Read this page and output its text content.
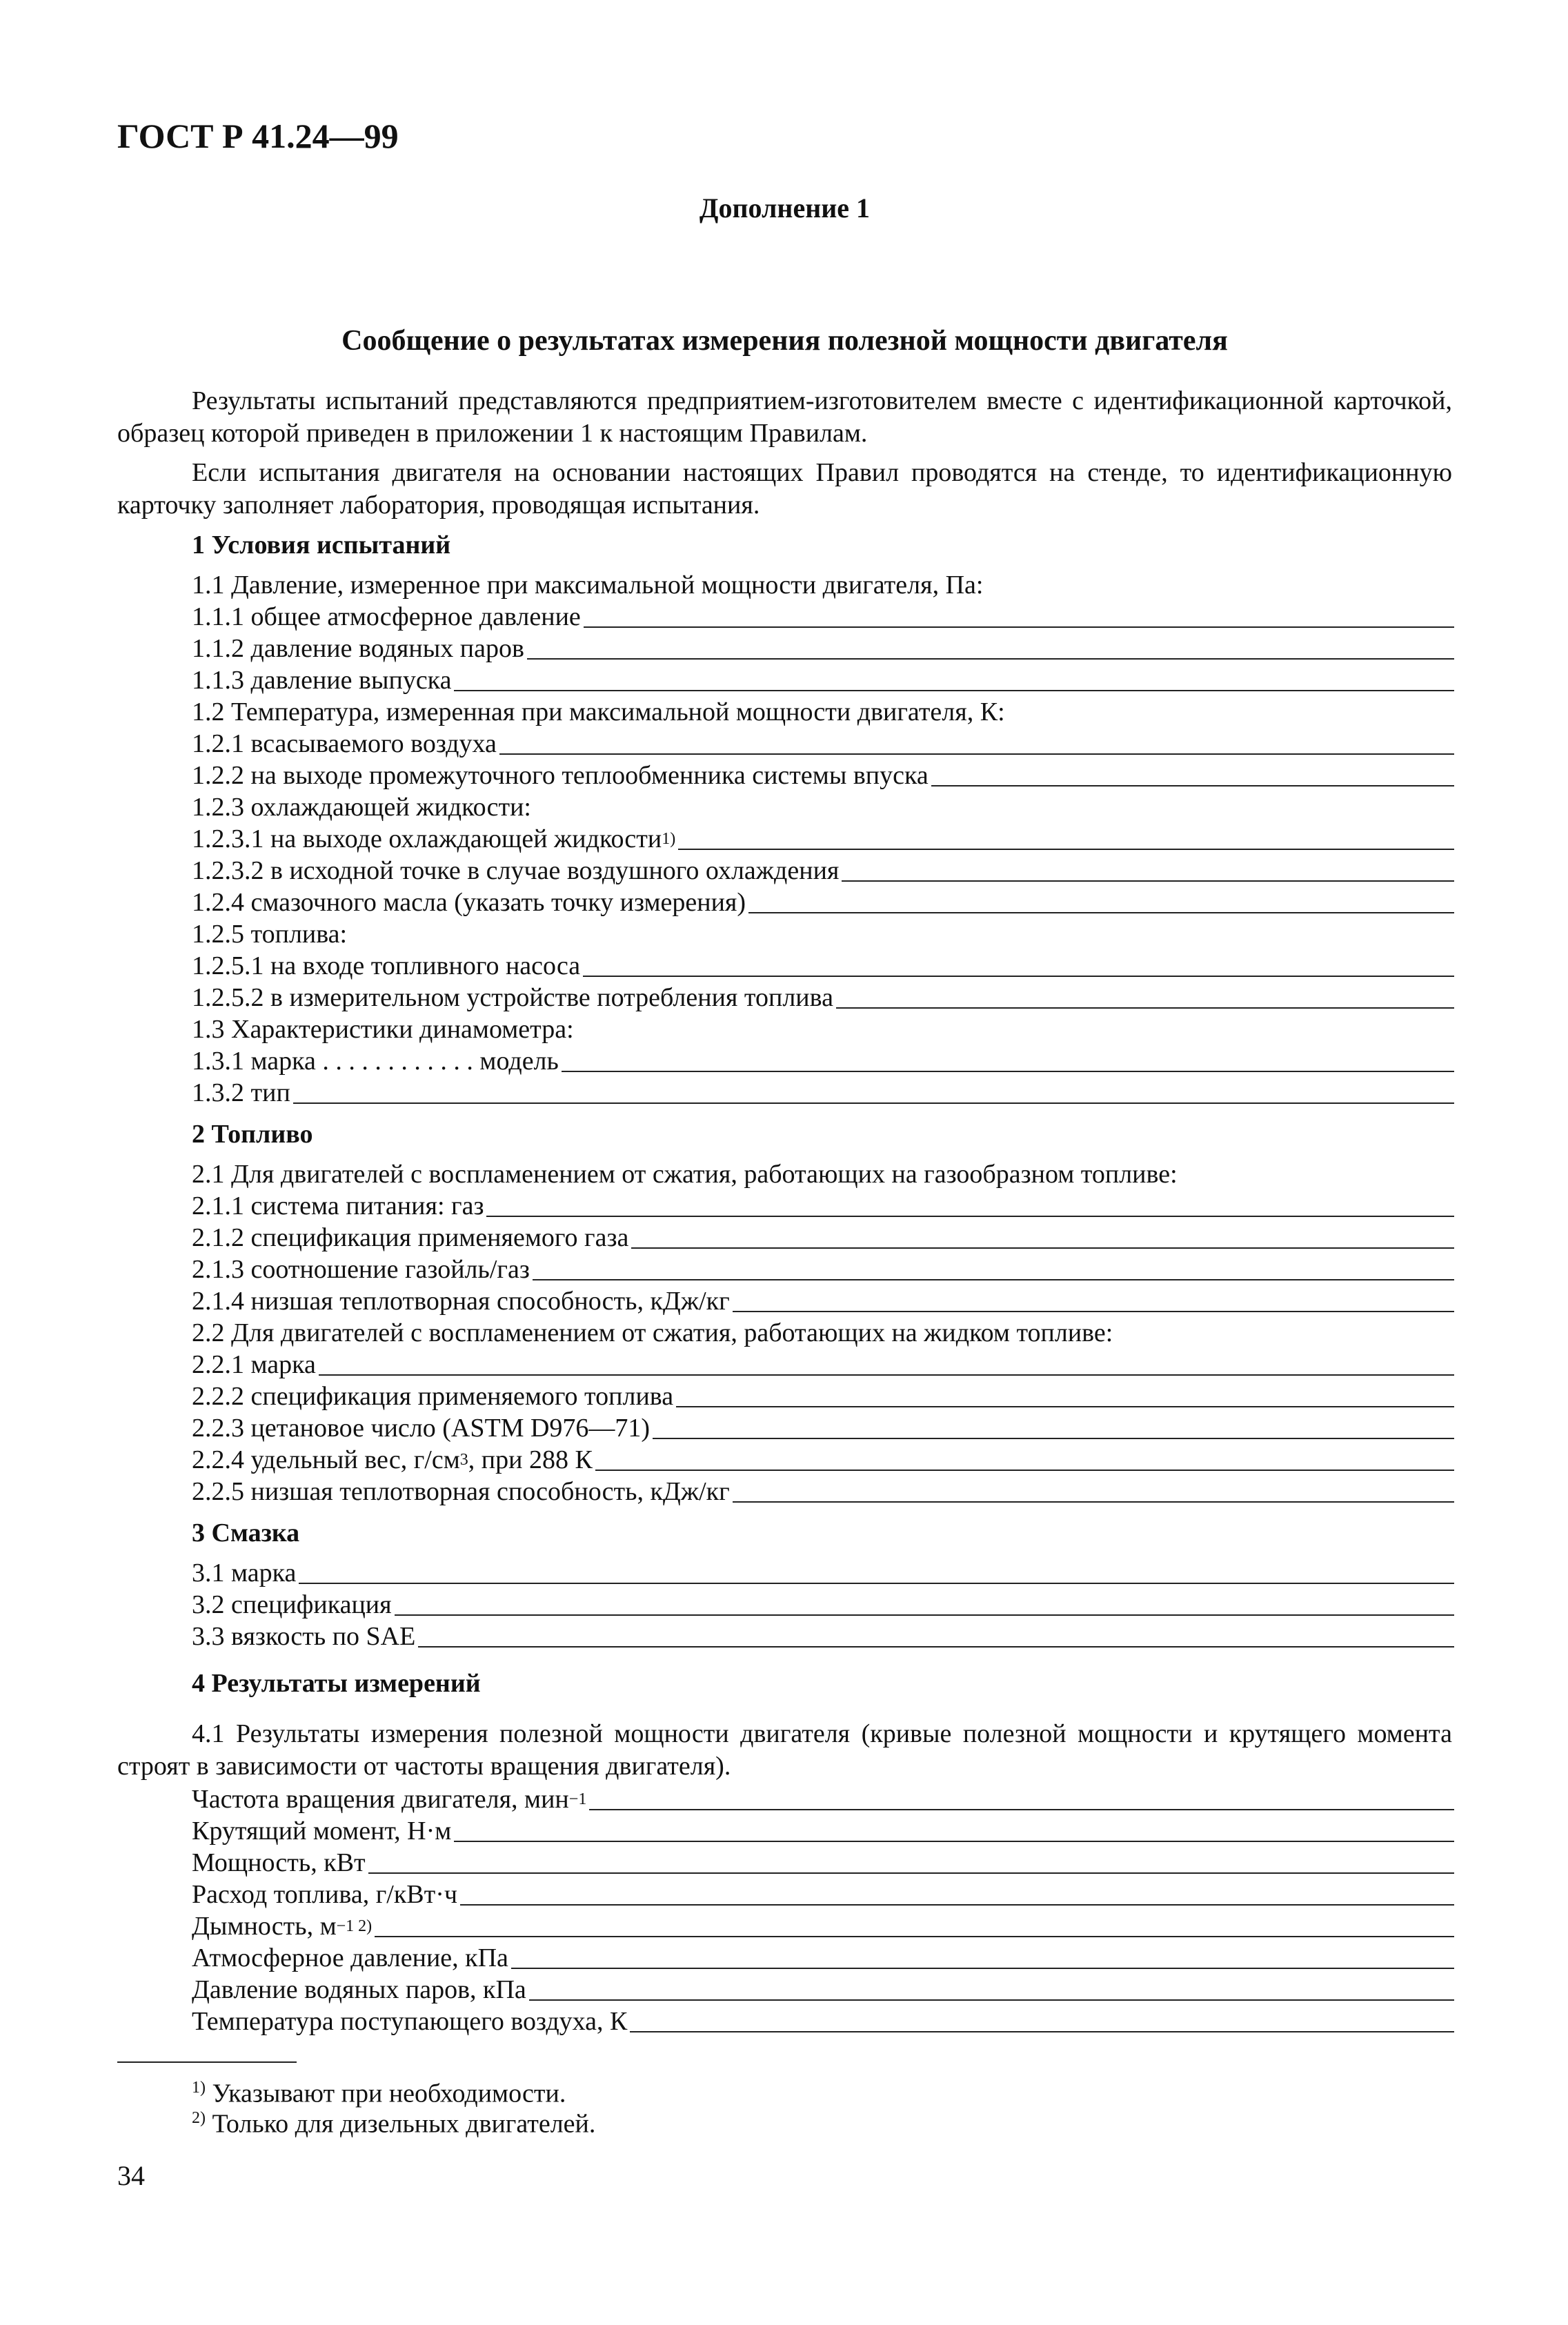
ГОСТ Р 41.24—99
Дополнение 1
Сообщение о результатах измерения полезной мощности двигателя
Результаты испытаний представляются предприятием-изготовителем вместе с идентификационной карточкой, образец которой приведен в приложении 1 к настоящим Правилам.
Если испытания двигателя на основании настоящих Правил проводятся на стенде, то идентификационную карточку заполняет лаборатория, проводящая испытания.
1 Условия испытаний
1.1 Давление, измеренное при максимальной мощности двигателя, Па:
1.1.1 общее атмосферное давление
1.1.2 давление водяных паров
1.1.3 давление выпуска
1.2 Температура, измеренная при максимальной мощности двигателя, К:
1.2.1 всасываемого воздуха
1.2.2 на выходе промежуточного теплообменника системы впуска
1.2.3 охлаждающей жидкости:
1.2.3.1 на выходе охлаждающей жидкости 1)
1.2.3.2 в исходной точке в случае воздушного охлаждения
1.2.4 смазочного масла (указать точку измерения)
1.2.5 топлива:
1.2.5.1 на входе топливного насоса
1.2.5.2 в измерительном устройстве потребления топлива
1.3 Характеристики динамометра:
1.3.1 марка . . . . . . . . . . . . модель
1.3.2 тип
2 Топливо
2.1 Для двигателей с воспламенением от сжатия, работающих на газообразном топливе:
2.1.1 система питания: газ
2.1.2 спецификация применяемого газа
2.1.3 соотношение газойль/газ
2.1.4 низшая теплотворная способность, кДж/кг
2.2 Для двигателей с воспламенением от сжатия, работающих на жидком топливе:
2.2.1 марка
2.2.2 спецификация применяемого топлива
2.2.3 цетановое число (ASTM D976—71)
2.2.4 удельный вес, г/см 3 , при 288 К
2.2.5 низшая теплотворная способность, кДж/кг
3 Смазка
3.1 марка
3.2 спецификация
3.3 вязкость по SAE
4 Результаты измерений
4.1 Результаты измерения полезной мощности двигателя (кривые полезной мощности и крутящего момента строят в зависимости от частоты вращения двигателя).
Частота вращения двигателя, мин −1
Крутящий момент, Н·м
Мощность, кВт
Расход топлива, г/кВт·ч
Дымность, м −1 2)
Атмосферное давление, кПа
Давление водяных паров, кПа
Температура поступающего воздуха, К
$^{1)}$ Указывают при необходимости.
$^{2)}$ Только для дизельных двигателей.
34
